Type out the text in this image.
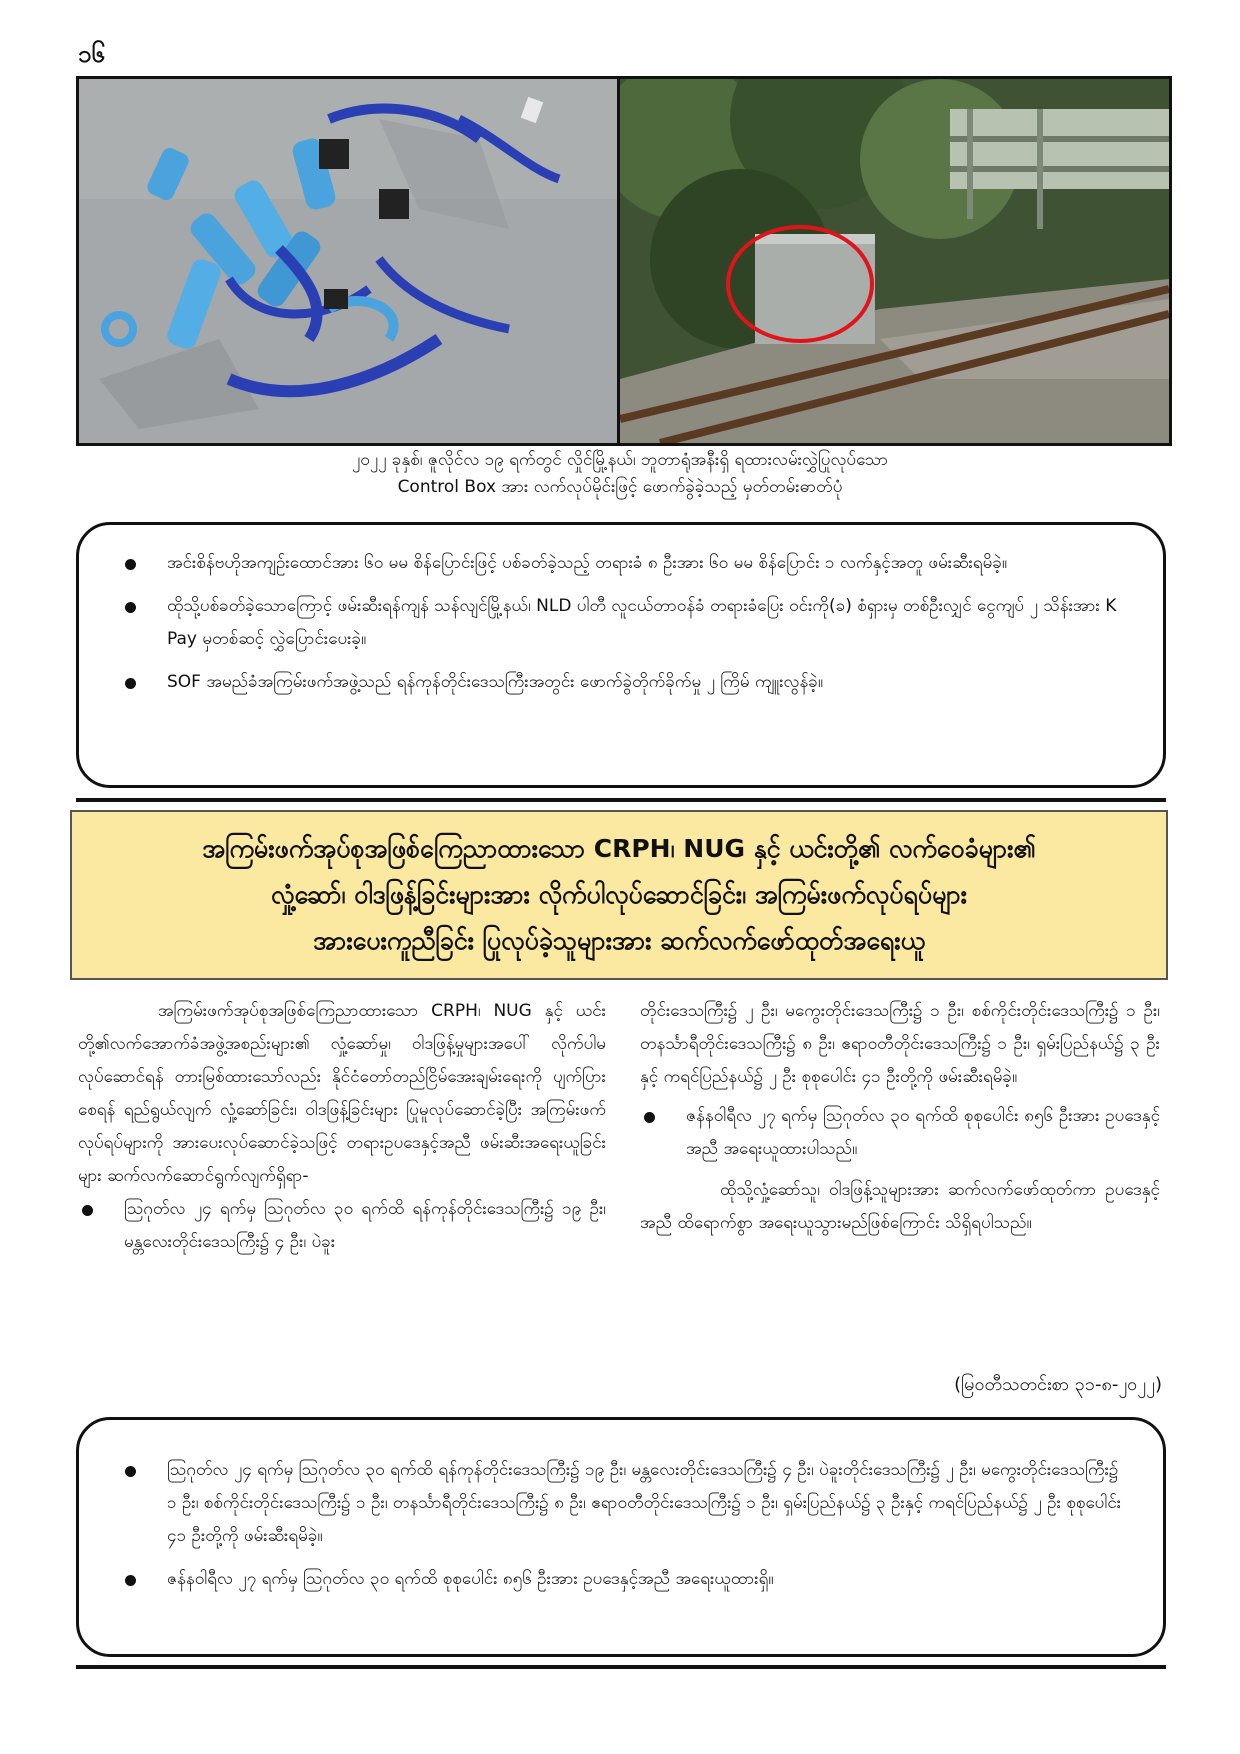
၁၆
၂၀၂၂ ခုနှစ်၊ ဇူလိုင်လ ၁၉ ရက်တွင် လှိုင်မြို့နယ်၊ ဘူတာရုံအနီးရှိ ရထားလမ်းလွှဲပြုလုပ်သော
Control Box အား လက်လုပ်မိုင်းဖြင့် ဖောက်ခွဲခဲ့သည့် မှတ်တမ်းဓာတ်ပုံ
အင်းစိန်ဗဟိုအကျဉ်းထောင်အား ၆၀ မမ စိန်ပြောင်းဖြင့် ပစ်ခတ်ခဲ့သည့် တရားခံ ၈ ဦးအား ၆၀ မမ စိန်ပြောင်း ၁ လက်နှင့်အတူ ဖမ်းဆီးရမိခဲ့။
ထိုသို့ပစ်ခတ်ခဲ့သောကြောင့် ဖမ်းဆီးရန်ကျန် သန်လျင်မြို့နယ်၊ NLD ပါတီ လူငယ်တာဝန်ခံ တရားခံပြေး ဝင်းကို(ခ) စံရှားမှ တစ်ဦးလျှင် ငွေကျပ် ၂ သိန်းအား K Pay မှတစ်ဆင့် လွှဲပြောင်းပေးခဲ့။
SOF အမည်ခံအကြမ်းဖက်အဖွဲ့သည် ရန်ကုန်တိုင်းဒေသကြီးအတွင်း ဖောက်ခွဲတိုက်ခိုက်မှု ၂ ကြိမ် ကျူးလွန်ခဲ့။
အကြမ်းဖက်အုပ်စုအဖြစ်ကြေညာထားသော CRPH၊ NUG နှင့် ယင်းတို့၏ လက်ဝေခံများ၏
လှုံ့ဆော်၊ ဝါဒဖြန့်ခြင်းများအား လိုက်ပါလုပ်ဆောင်ခြင်း၊ အကြမ်းဖက်လုပ်ရပ်များ
အားပေးကူညီခြင်း ပြုလုပ်ခဲ့သူများအား ဆက်လက်ဖော်ထုတ်အရေးယူ

အကြမ်းဖက်အုပ်စုအဖြစ်ကြေညာထားသော CRPH၊ NUG နှင့် ယင်းတို့၏လက်အောက်ခံအဖွဲ့အစည်းများ၏ လှုံ့ဆော်မှု၊ ဝါဒဖြန့်မှုများအပေါ် လိုက်ပါမလုပ်ဆောင်ရန် တားမြစ်ထားသော်လည်း နိုင်ငံတော်တည်ငြိမ်အေးချမ်းရေးကို ပျက်ပြားစေရန် ရည်ရွယ်လျက် လှုံ့ဆော်ခြင်း၊ ဝါဒဖြန့်ခြင်းများ ပြုမူလုပ်ဆောင်ခဲ့ပြီး အကြမ်းဖက်လုပ်ရပ်များကို အားပေးလုပ်ဆောင်ခဲ့သဖြင့် တရားဥပဒေနှင့်အညီ ဖမ်းဆီးအရေးယူခြင်းများ ဆက်လက်ဆောင်ရွက်လျက်ရှိရာ-

ဩဂုတ်လ ၂၄ ရက်မှ ဩဂုတ်လ ၃၀ ရက်ထိ ရန်ကုန်တိုင်းဒေသကြီး၌ ၁၉ ဦး၊ မန္တလေးတိုင်းဒေသကြီး၌ ၄ ဦး၊ ပဲခူး

တိုင်းဒေသကြီး၌ ၂ ဦး၊ မကွေးတိုင်းဒေသကြီး၌ ၁ ဦး၊ စစ်ကိုင်းတိုင်းဒေသကြီး၌ ၁ ဦး၊ တနင်္သာရီတိုင်းဒေသကြီး၌ ၈ ဦး၊ ဧရာဝတီတိုင်းဒေသကြီး၌ ၁ ဦး၊ ရှမ်းပြည်နယ်၌ ၃ ဦးနှင့် ကရင်ပြည်နယ်၌ ၂ ဦး စုစုပေါင်း ၄၁ ဦးတို့ကို ဖမ်းဆီးရမိခဲ့။

ဇန်နဝါရီလ ၂၇ ရက်မှ ဩဂုတ်လ ၃၀ ရက်ထိ စုစုပေါင်း ၈၅၆ ဦးအား ဥပဒေနှင့်အညီ အရေးယူထားပါသည်။

ထိုသို့လှုံ့ဆော်သူ၊ ဝါဒဖြန့်သူများအား ဆက်လက်ဖော်ထုတ်ကာ ဥပဒေနှင့်အညီ ထိရောက်စွာ အရေးယူသွားမည်ဖြစ်ကြောင်း သိရှိရပါသည်။

(မြဝတီသတင်းစာ ၃၁-၈-၂၀၂၂)
ဩဂုတ်လ ၂၄ ရက်မှ ဩဂုတ်လ ၃၀ ရက်ထိ ရန်ကုန်တိုင်းဒေသကြီး၌ ၁၉ ဦး၊ မန္တလေးတိုင်းဒေသကြီး၌ ၄ ဦး၊ ပဲခူးတိုင်းဒေသကြီး၌ ၂ ဦး၊ မကွေးတိုင်းဒေသကြီး၌ ၁ ဦး၊ စစ်ကိုင်းတိုင်းဒေသကြီး၌ ၁ ဦး၊ တနင်္သာရီတိုင်းဒေသကြီး၌ ၈ ဦး၊ ဧရာဝတီတိုင်းဒေသကြီး၌ ၁ ဦး၊ ရှမ်းပြည်နယ်၌ ၃ ဦးနှင့် ကရင်ပြည်နယ်၌ ၂ ဦး စုစုပေါင်း ၄၁ ဦးတို့ကို ဖမ်းဆီးရမိခဲ့။
ဇန်နဝါရီလ ၂၇ ရက်မှ ဩဂုတ်လ ၃၀ ရက်ထိ စုစုပေါင်း ၈၅၆ ဦးအား ဥပဒေနှင့်အညီ အရေးယူထားရှိ။
